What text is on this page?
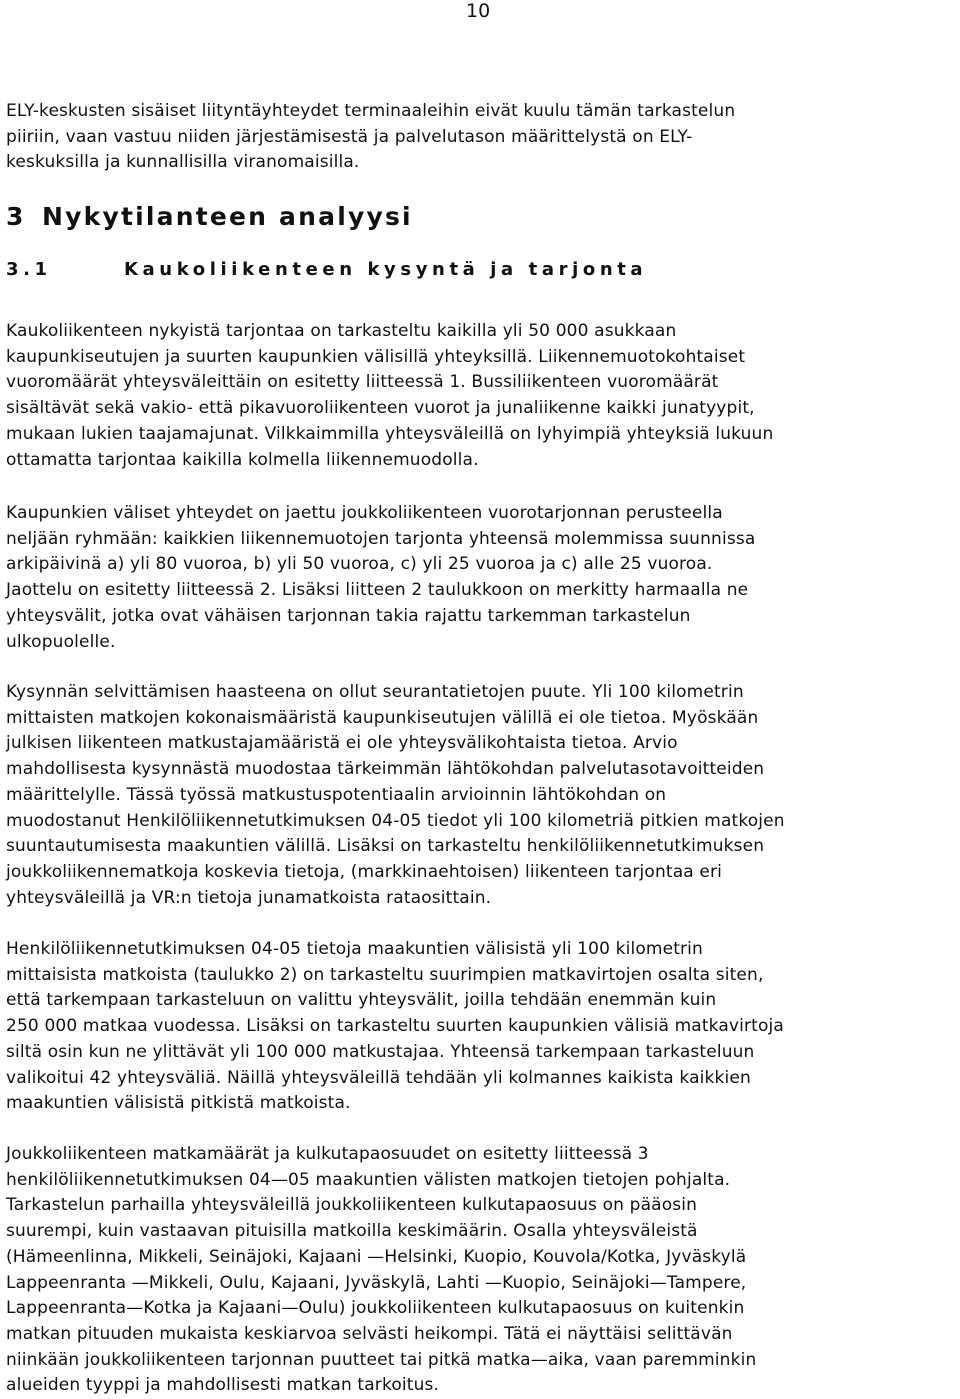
10

ELY-keskusten sisäiset liityntäyhteydet terminaaleihin eivät kuulu tämän tarkastelun
piiriin, vaan vastuu niiden järjestämisestä ja palvelutason määrittelystä on ELY-
keskuksilla ja kunnallisilla viranomaisilla.

3 Nykytilanteen analyysi
3.1	Kaukoliikenteen kysyntä ja tarjonta

Kaukoliikenteen nykyistä tarjontaa on tarkasteltu kaikilla yli 50 000 asukkaan
kaupunkiseutujen ja suurten kaupunkien välisillä yhteyksillä. Liikennemuotokohtaiset
vuoromäärät yhteysväleittäin on esitetty liitteessä 1. Bussiliikenteen vuoromäärät
sisältävät sekä vakio- että pikavuoroliikenteen vuorot ja junaliikenne kaikki junatyypit,
mukaan lukien taajamajunat. Vilkkaimmilla yhteysväleillä on lyhyimpiä yhteyksiä lukuun
ottamatta tarjontaa kaikilla kolmella liikennemuodolla.

Kaupunkien väliset yhteydet on jaettu joukkoliikenteen vuorotarjonnan perusteella
neljään ryhmään: kaikkien liikennemuotojen tarjonta yhteensä molemmissa suunnissa
arkipäivinä a) yli 80 vuoroa, b) yli 50 vuoroa, c) yli 25 vuoroa ja c) alle 25 vuoroa.
Jaottelu on esitetty liitteessä 2. Lisäksi liitteen 2 taulukkoon on merkitty harmaalla ne
yhteysvälit, jotka ovat vähäisen tarjonnan takia rajattu tarkemman tarkastelun
ulkopuolelle.

Kysynnän selvittämisen haasteena on ollut seurantatietojen puute. Yli 100 kilometrin
mittaisten matkojen kokonaismääristä kaupunkiseutujen välillä ei ole tietoa. Myöskään
julkisen liikenteen matkustajamääristä ei ole yhteysvälikohtaista tietoa. Arvio
mahdollisesta kysynnästä muodostaa tärkeimmän lähtökohdan palvelutasotavoitteiden
määrittelylle. Tässä työssä matkustuspotentiaalin arvioinnin lähtökohdan on
muodostanut Henkilöliikennetutkimuksen 04-05 tiedot yli 100 kilometriä pitkien matkojen
suuntautumisesta maakuntien välillä. Lisäksi on tarkasteltu henkilöliikennetutkimuksen
joukkoliikennematkoja koskevia tietoja, (markkinaehtoisen) liikenteen tarjontaa eri
yhteysväleillä ja VR:n tietoja junamatkoista rataosittain.

Henkilöliikennetutkimuksen 04-05 tietoja maakuntien välisistä yli 100 kilometrin
mittaisista matkoista (taulukko 2) on tarkasteltu suurimpien matkavirtojen osalta siten,
että tarkempaan tarkasteluun on valittu yhteysvälit, joilla tehdään enemmän kuin
250 000 matkaa vuodessa. Lisäksi on tarkasteltu suurten kaupunkien välisiä matkavirtoja
siltä osin kun ne ylittävät yli 100 000 matkustajaa. Yhteensä tarkempaan tarkasteluun
valikoitui 42 yhteysväliä. Näillä yhteysväleillä tehdään yli kolmannes kaikista kaikkien
maakuntien välisistä pitkistä matkoista.

Joukkoliikenteen matkamäärät ja kulkutapaosuudet on esitetty liitteessä 3
henkilöliikennetutkimuksen 04—05 maakuntien välisten matkojen tietojen pohjalta.
Tarkastelun parhailla yhteysväleillä joukkoliikenteen kulkutapaosuus on pääosin
suurempi, kuin vastaavan pituisilla matkoilla keskimäärin. Osalla yhteysväleistä
(Hämeenlinna, Mikkeli, Seinäjoki, Kajaani —Helsinki, Kuopio, Kouvola/Kotka, Jyväskylä
Lappeenranta —Mikkeli, Oulu, Kajaani, Jyväskylä, Lahti —Kuopio, Seinäjoki—Tampere,
Lappeenranta—Kotka ja Kajaani—Oulu) joukkoliikenteen kulkutapaosuus on kuitenkin
matkan pituuden mukaista keskiarvoa selvästi heikompi. Tätä ei näyttäisi selittävän
niinkään joukkoliikenteen tarjonnan puutteet tai pitkä matka—aika, vaan paremminkin
alueiden tyyppi ja mahdollisesti matkan tarkoitus.
